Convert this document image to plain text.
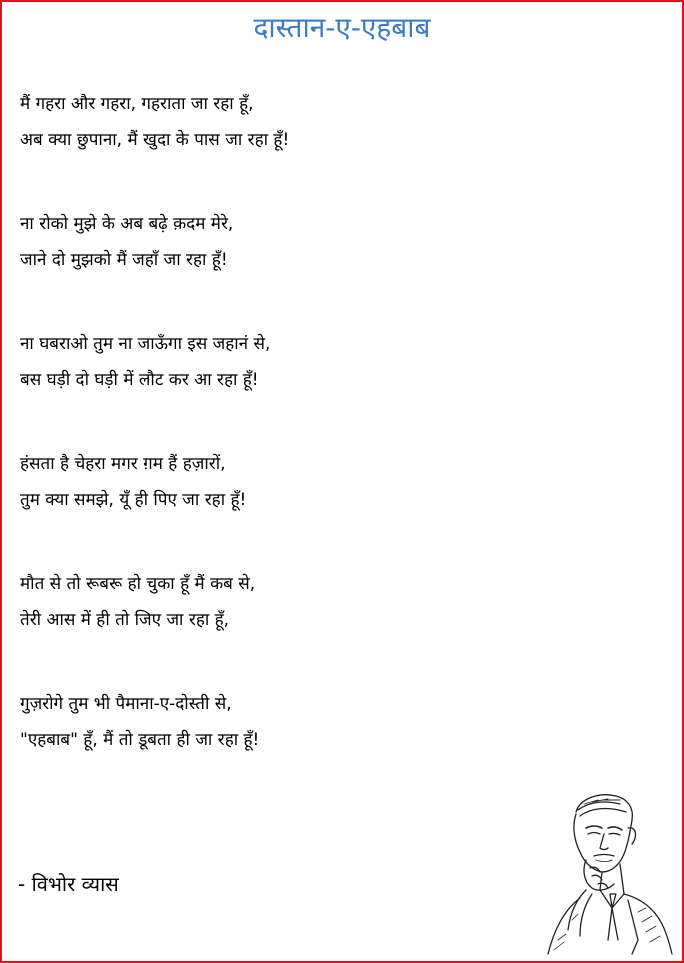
दास्तान-ए-एहबाब
मैं गहरा और गहरा, गहराता जा रहा हूँ,
अब क्या छुपाना, मैं खुदा के पास जा रहा हूँ!
ना रोको मुझे के अब बढ़े क़दम मेरे,
जाने दो मुझको मैं जहाँ जा रहा हूँ!
ना घबराओ तुम ना जाऊँगा इस जहानं से,
बस घड़ी दो घड़ी में लौट कर आ रहा हूँ!
हंसता है चेहरा मगर ग़म हैं हज़ारों,
तुम क्या समझे, यूँ ही पिए जा रहा हूँ!
मौत से तो रूबरू हो चुका हूँ मैं कब से,
तेरी आस में ही तो जिए जा रहा हूँ,
गुज़रोगे तुम भी पैमाना-ए-दोस्ती से,
"एहबाब" हूँ, मैं तो डूबता ही जा रहा हूँ!
- विभोर व्यास
